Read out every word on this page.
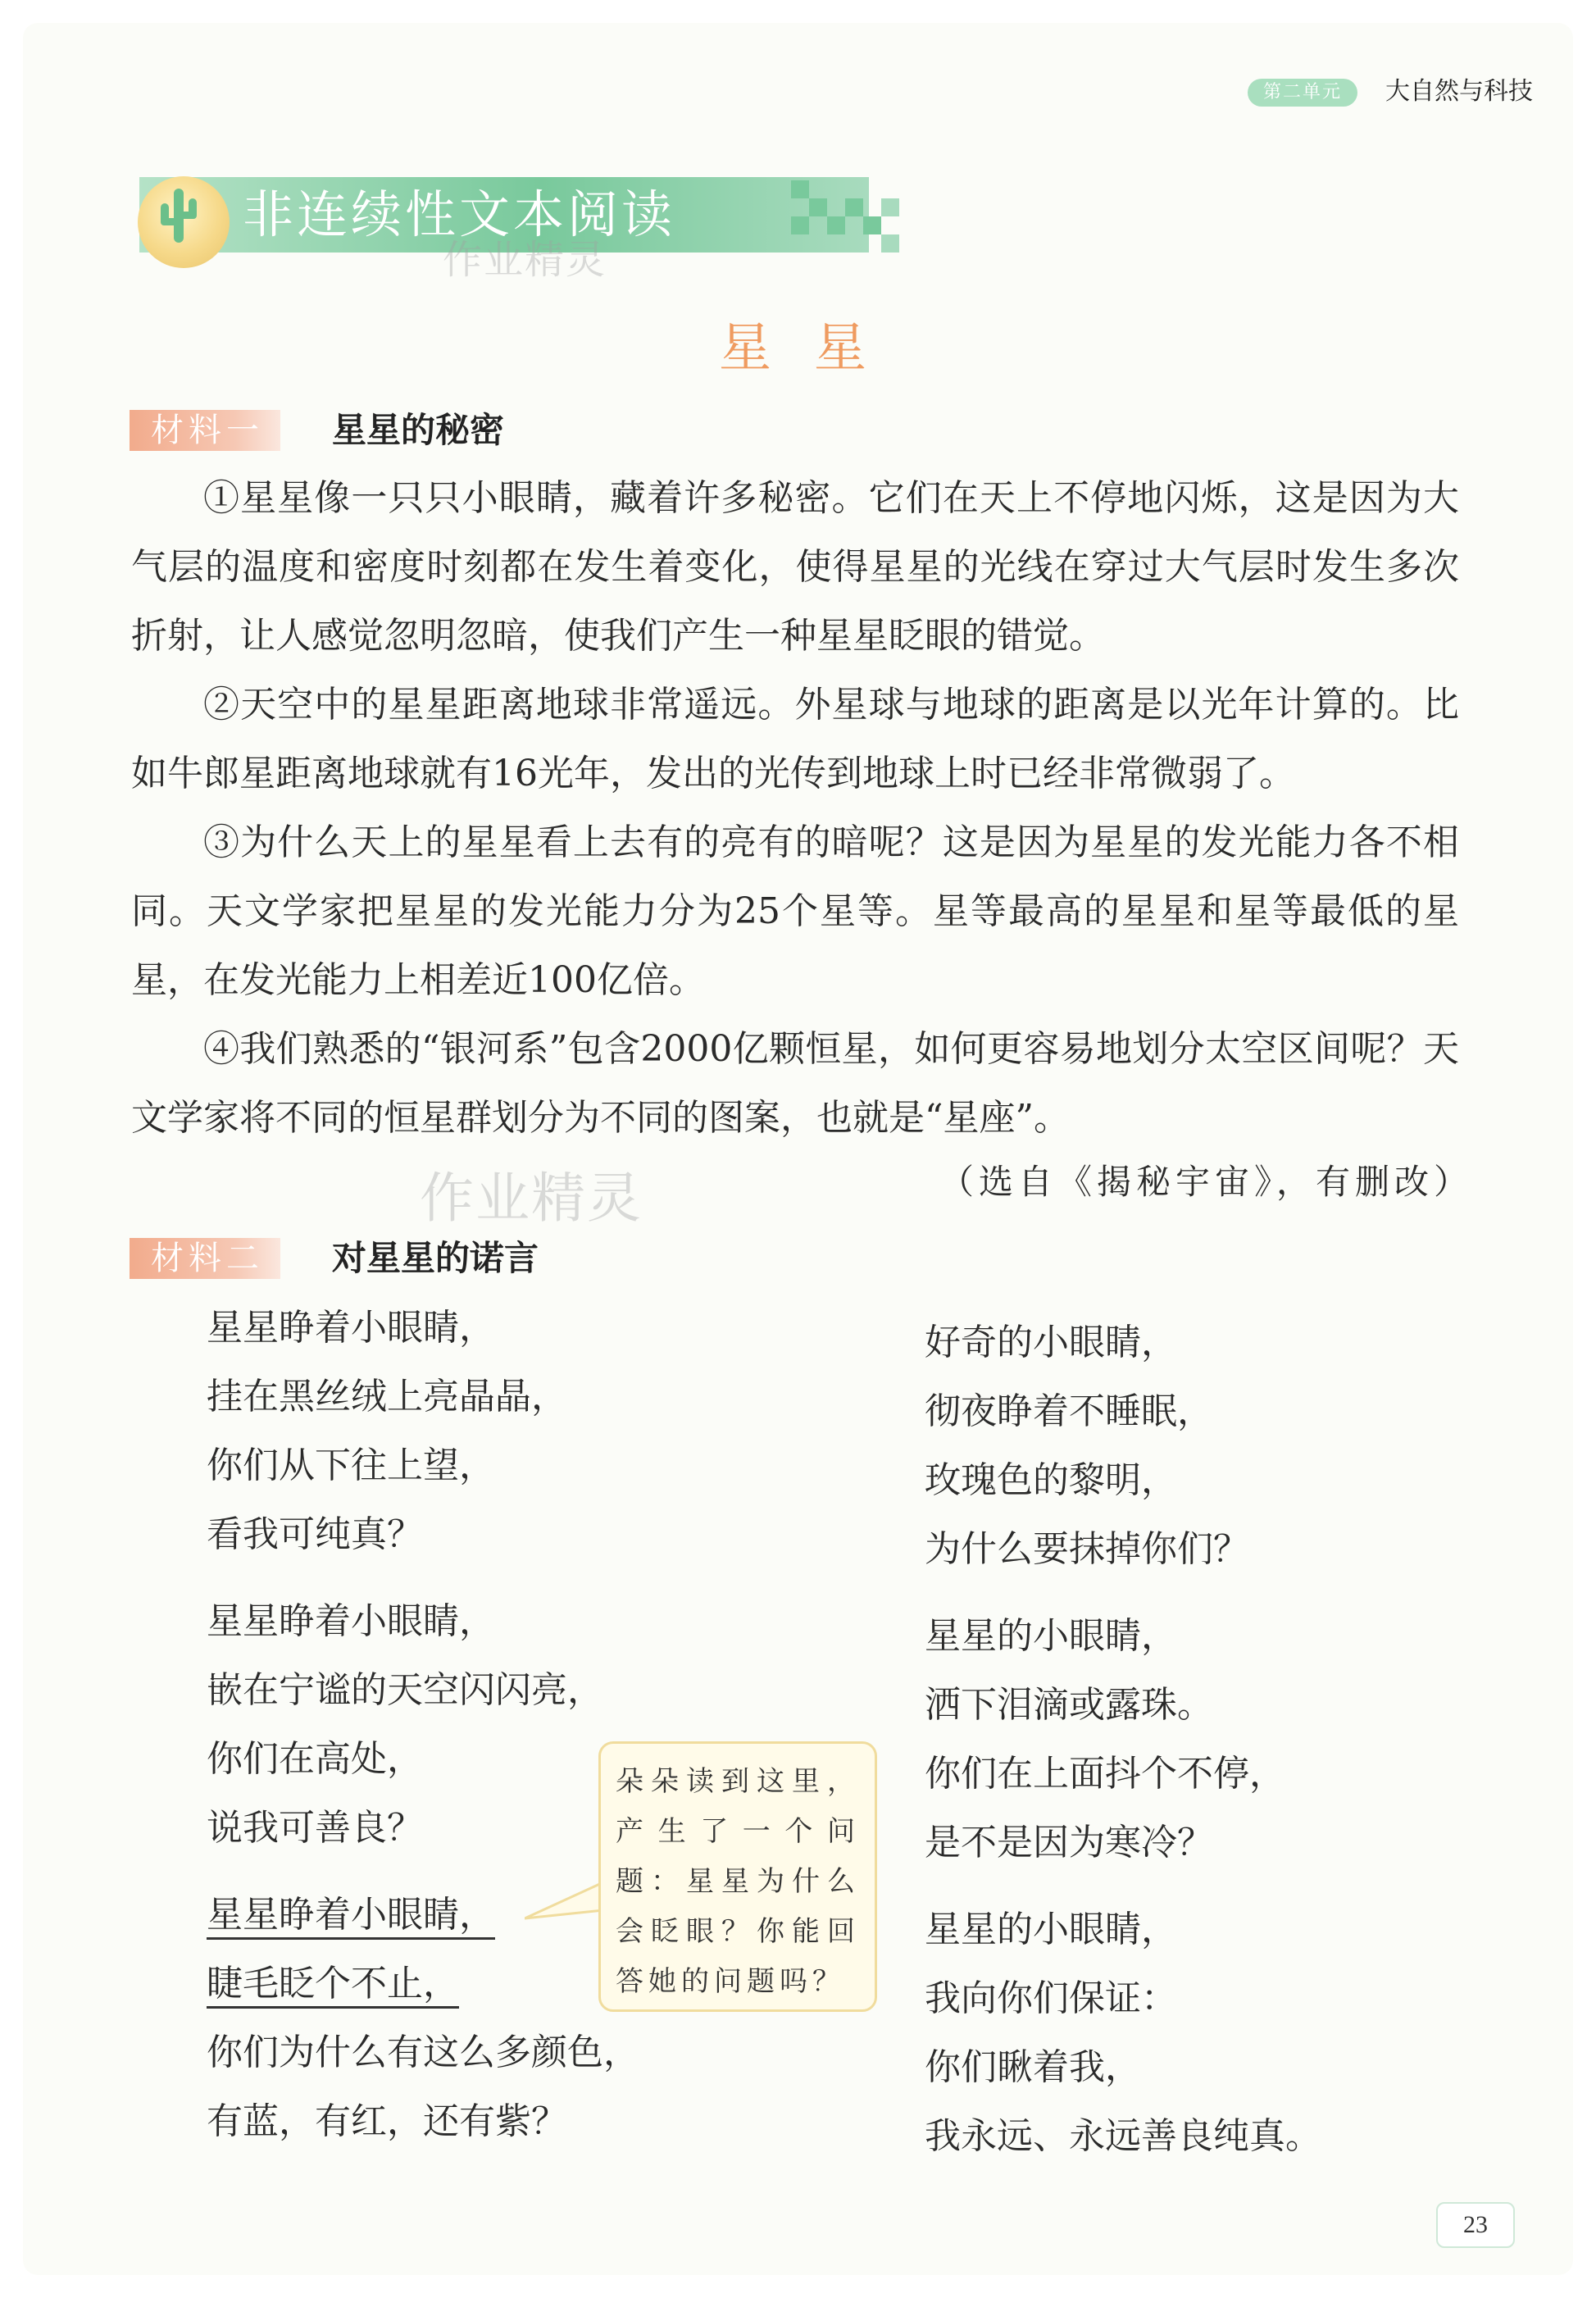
第二单元	大自然与科技
非连续性文本阅读
作业精灵
作业精灵
星星
材料一	星星的秘密
①星星像一只只小眼睛，藏着许多秘密。它们在天上不停地闪烁，这是因为大气层的温度和密度时刻都在发生着变化，使得星星的光线在穿过大气层时发生多次折射，让人感觉忽明忽暗，使我们产生一种星星眨眼的错觉。
②天空中的星星距离地球非常遥远。外星球与地球的距离是以光年计算的。比如牛郎星距离地球就有16光年，发出的光传到地球上时已经非常微弱了。
③为什么天上的星星看上去有的亮有的暗呢？这是因为星星的发光能力各不相同。天文学家把星星的发光能力分为25个星等。星等最高的星星和星等最低的星星，在发光能力上相差近100亿倍。
④我们熟悉的“银河系”包含2000亿颗恒星，如何更容易地划分太空区间呢？天文学家将不同的恒星群划分为不同的图案，也就是“星座”。
（选自《揭秘宇宙》，有删改）
材料二	对星星的诺言
星星睁着小眼睛，
挂在黑丝绒上亮晶晶，
你们从下往上望，
看我可纯真？
星星睁着小眼睛，
嵌在宁谧的天空闪闪亮，
你们在高处，
说我可善良？
星星睁着小眼睛，
睫毛眨个不止，
你们为什么有这么多颜色，
有蓝，有红，还有紫？
好奇的小眼睛，
彻夜睁着不睡眠，
玫瑰色的黎明，
为什么要抹掉你们？
星星的小眼睛，
洒下泪滴或露珠。
你们在上面抖个不停，
是不是因为寒冷？
星星的小眼睛，
我向你们保证：
你们瞅着我，
我永远、永远善良纯真。
朵朵读到这里，产生了一个问题：星星为什么会眨眼？你能回答她的问题吗？
23
